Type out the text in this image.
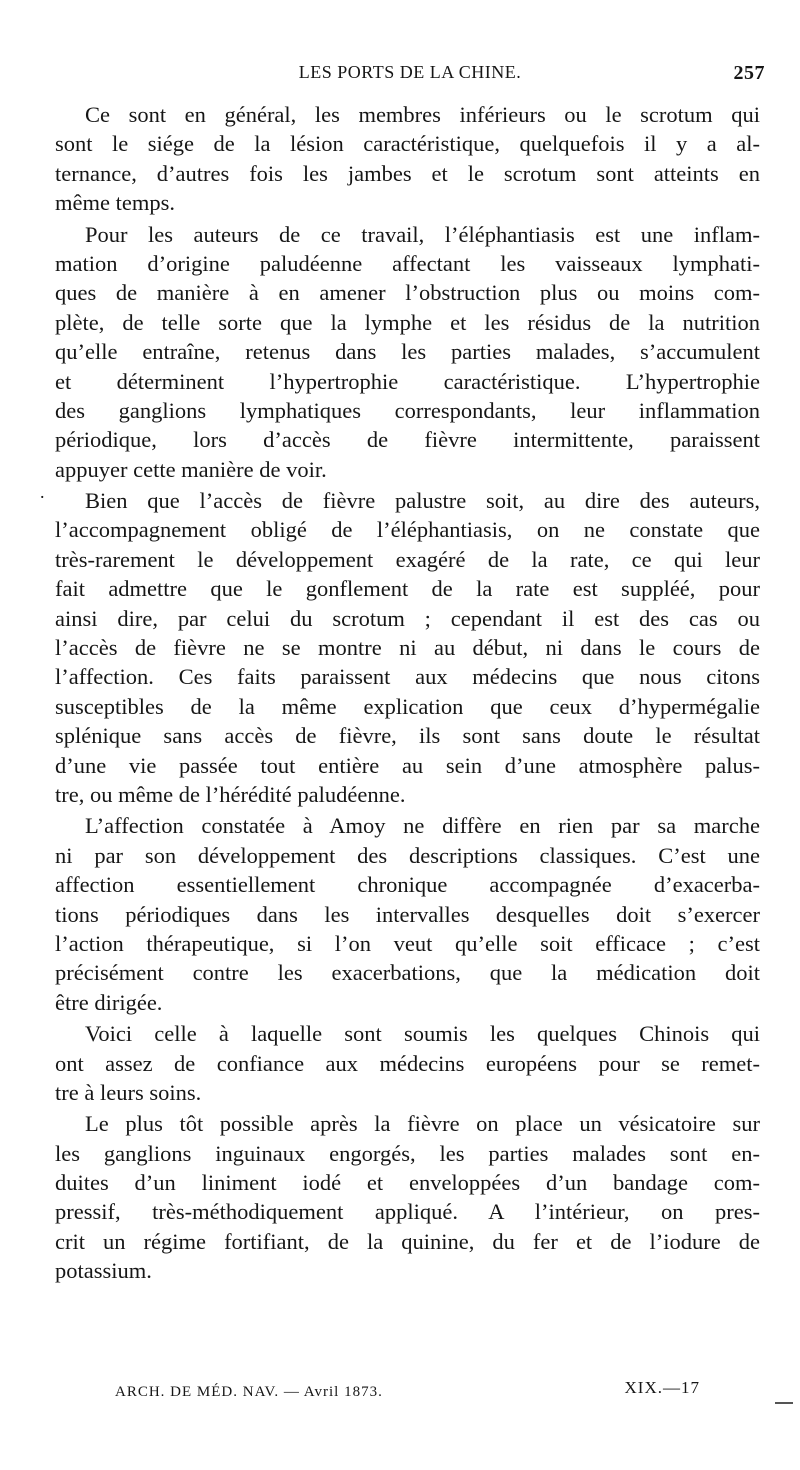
LES PORTS DE LA CHINE.	257
.
Ce sont en général, les membres inférieurs ou le scrotum qui
sont le siége de la lésion caractéristique, quelquefois il y a al-
ternance, d’autres fois les jambes et le scrotum sont atteints en
même temps.
Pour les auteurs de ce travail, l’éléphantiasis est une inflam-
mation d’origine paludéenne affectant les vaisseaux lymphati-
ques de manière à en amener l’obstruction plus ou moins com-
plète, de telle sorte que la lymphe et les résidus de la nutrition
qu’elle entraîne, retenus dans les parties malades, s’accumulent
et déterminent l’hypertrophie caractéristique. L’hypertrophie
des ganglions lymphatiques correspondants, leur inflammation
périodique, lors d’accès de fièvre intermittente, paraissent
appuyer cette manière de voir.
Bien que l’accès de fièvre palustre soit, au dire des auteurs,
l’accompagnement obligé de l’éléphantiasis, on ne constate que
très-rarement le développement exagéré de la rate, ce qui leur
fait admettre que le gonflement de la rate est suppléé, pour
ainsi dire, par celui du scrotum ; cependant il est des cas ou
l’accès de fièvre ne se montre ni au début, ni dans le cours de
l’affection. Ces faits paraissent aux médecins que nous citons
susceptibles de la même explication que ceux d’hypermégalie
splénique sans accès de fièvre, ils sont sans doute le résultat
d’une vie passée tout entière au sein d’une atmosphère palus-
tre, ou même de l’hérédité paludéenne.
L’affection constatée à Amoy ne diffère en rien par sa marche
ni par son développement des descriptions classiques. C’est une
affection essentiellement chronique accompagnée d’exacerba-
tions périodiques dans les intervalles desquelles doit s’exercer
l’action thérapeutique, si l’on veut qu’elle soit efficace ; c’est
précisément contre les exacerbations, que la médication doit
être dirigée.
Voici celle à laquelle sont soumis les quelques Chinois qui
ont assez de confiance aux médecins européens pour se remet-
tre à leurs soins.
Le plus tôt possible après la fièvre on place un vésicatoire sur
les ganglions inguinaux engorgés, les parties malades sont en-
duites d’un liniment iodé et enveloppées d’un bandage com-
pressif, très-méthodiquement appliqué. A l’intérieur, on pres-
crit un régime fortifiant, de la quinine, du fer et de l’iodure de
potassium.
ARCH. DE MÉD. NAV. — Avril 1873.	XIX.—17
